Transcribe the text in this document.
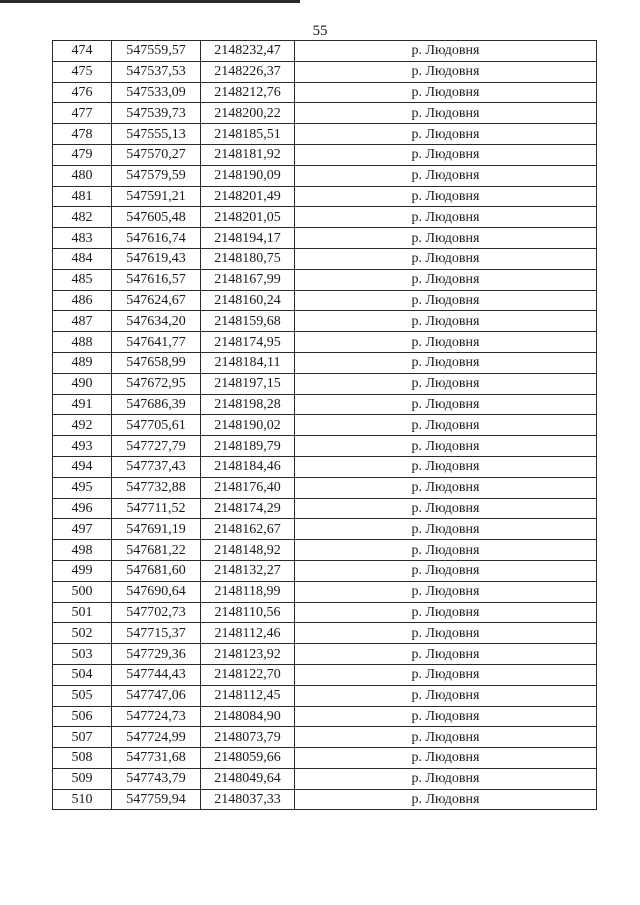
55
474	547559,57	2148232,47	р. Людовня
475	547537,53	2148226,37	р. Людовня
476	547533,09	2148212,76	р. Людовня
477	547539,73	2148200,22	р. Людовня
478	547555,13	2148185,51	р. Людовня
479	547570,27	2148181,92	р. Людовня
480	547579,59	2148190,09	р. Людовня
481	547591,21	2148201,49	р. Людовня
482	547605,48	2148201,05	р. Людовня
483	547616,74	2148194,17	р. Людовня
484	547619,43	2148180,75	р. Людовня
485	547616,57	2148167,99	р. Людовня
486	547624,67	2148160,24	р. Людовня
487	547634,20	2148159,68	р. Людовня
488	547641,77	2148174,95	р. Людовня
489	547658,99	2148184,11	р. Людовня
490	547672,95	2148197,15	р. Людовня
491	547686,39	2148198,28	р. Людовня
492	547705,61	2148190,02	р. Людовня
493	547727,79	2148189,79	р. Людовня
494	547737,43	2148184,46	р. Людовня
495	547732,88	2148176,40	р. Людовня
496	547711,52	2148174,29	р. Людовня
497	547691,19	2148162,67	р. Людовня
498	547681,22	2148148,92	р. Людовня
499	547681,60	2148132,27	р. Людовня
500	547690,64	2148118,99	р. Людовня
501	547702,73	2148110,56	р. Людовня
502	547715,37	2148112,46	р. Людовня
503	547729,36	2148123,92	р. Людовня
504	547744,43	2148122,70	р. Людовня
505	547747,06	2148112,45	р. Людовня
506	547724,73	2148084,90	р. Людовня
507	547724,99	2148073,79	р. Людовня
508	547731,68	2148059,66	р. Людовня
509	547743,79	2148049,64	р. Людовня
510	547759,94	2148037,33	р. Людовня
